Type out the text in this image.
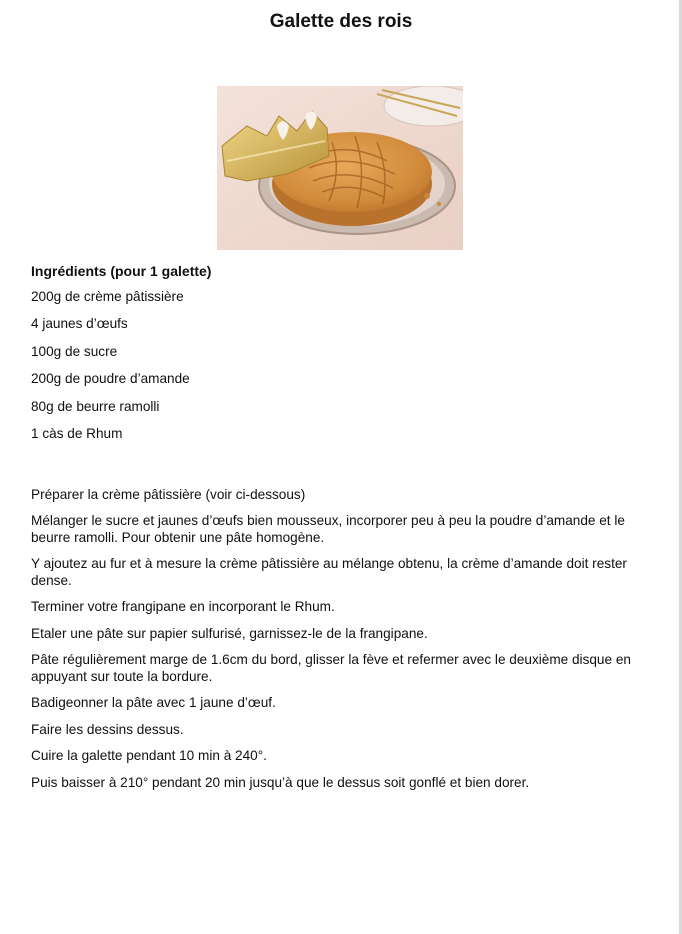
Galette des rois
Ingrédients (pour 1 galette)
200g de crème pâtissière
4 jaunes d’œufs
100g de sucre
200g de poudre d’amande
80g de beurre ramolli
1 càs de Rhum
Préparer la crème pâtissière (voir ci-dessous)
Mélanger le sucre et jaunes d’œufs bien mousseux, incorporer peu à peu la poudre d’amande et le beurre ramolli. Pour obtenir une pâte homogène.
Y ajoutez au fur et à mesure la crème pâtissière au mélange obtenu, la crème d’amande doit rester dense.
Terminer votre frangipane en incorporant le Rhum.
Etaler une pâte sur papier sulfurisé, garnissez-le de la frangipane.
Pâte régulièrement marge de 1.6cm du bord, glisser la fève et refermer avec le deuxième disque en appuyant sur toute la bordure.
Badigeonner la pâte avec 1 jaune d’œuf.
Faire les dessins dessus.
Cuire la galette pendant 10 min à 240°.
Puis baisser à 210° pendant 20 min jusqu’à que le dessus soit gonflé et bien dorer.
